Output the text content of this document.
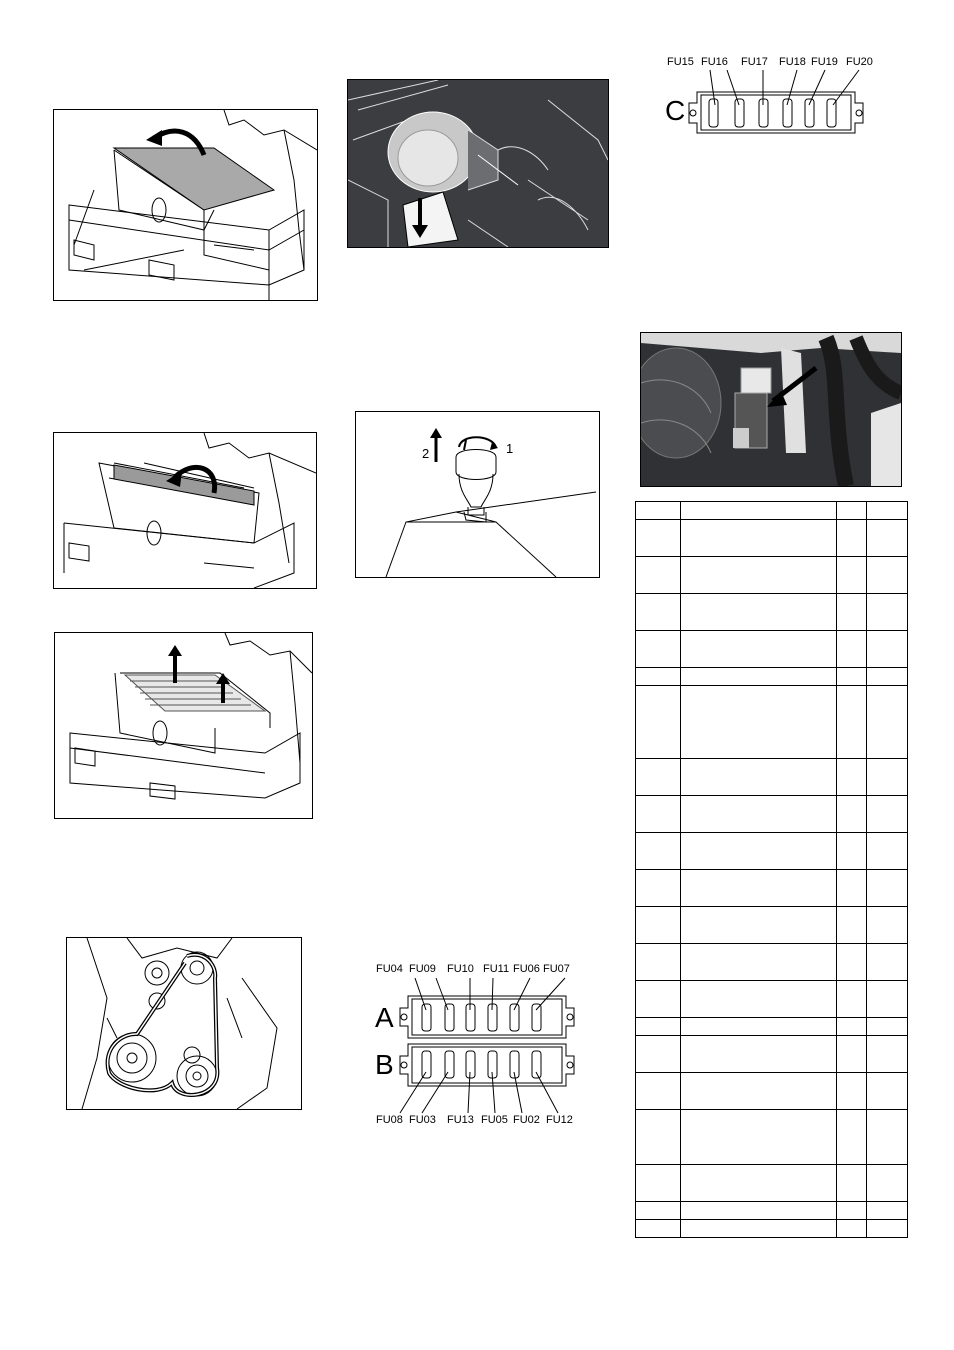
FU15 FU16 FU17 FU18 FU19 FU20
C
2	1
FU04 FU09 FU10 FU11 FU06 FU07
A
B
FU08 FU03 FU13 FU05 FU02 FU12
